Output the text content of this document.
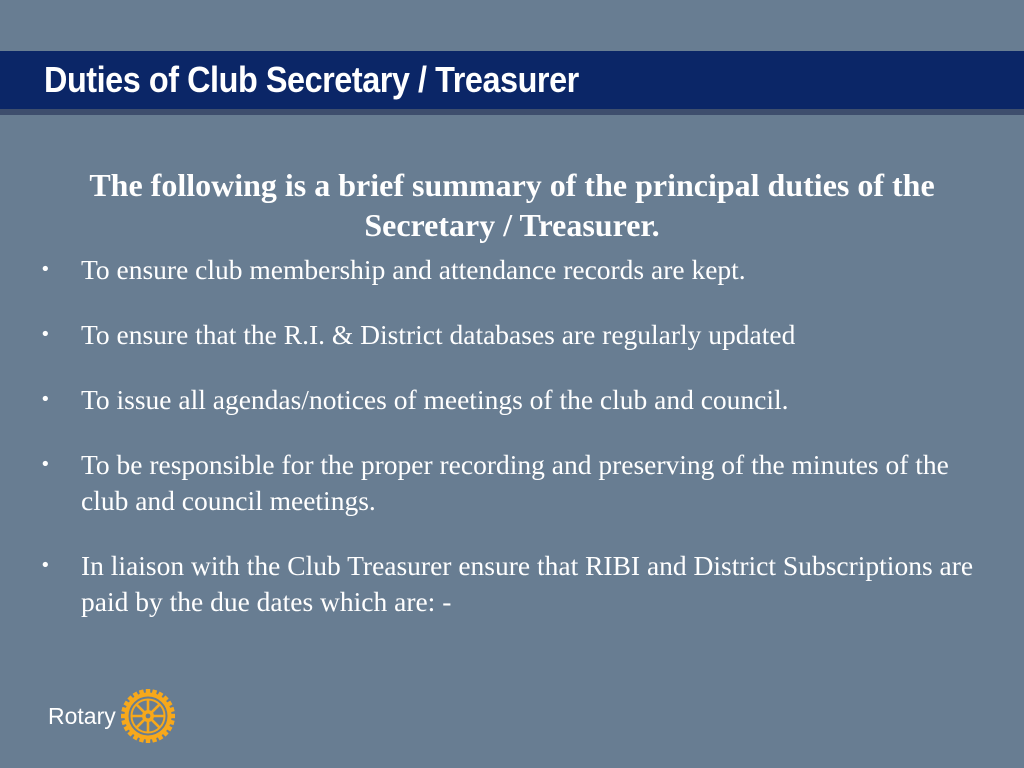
Duties of Club Secretary / Treasurer
The following is a brief summary of the principal duties of the Secretary / Treasurer.
• To ensure club membership and attendance records are kept.
• To ensure that the R.I. & District databases are regularly updated
• To issue all agendas/notices of meetings of the club and council.
• To be responsible for the proper recording and preserving of the minutes of the club and council meetings.
• In liaison with the Club Treasurer ensure that RIBI and District Subscriptions are paid by the due dates which are: -
Rotary
